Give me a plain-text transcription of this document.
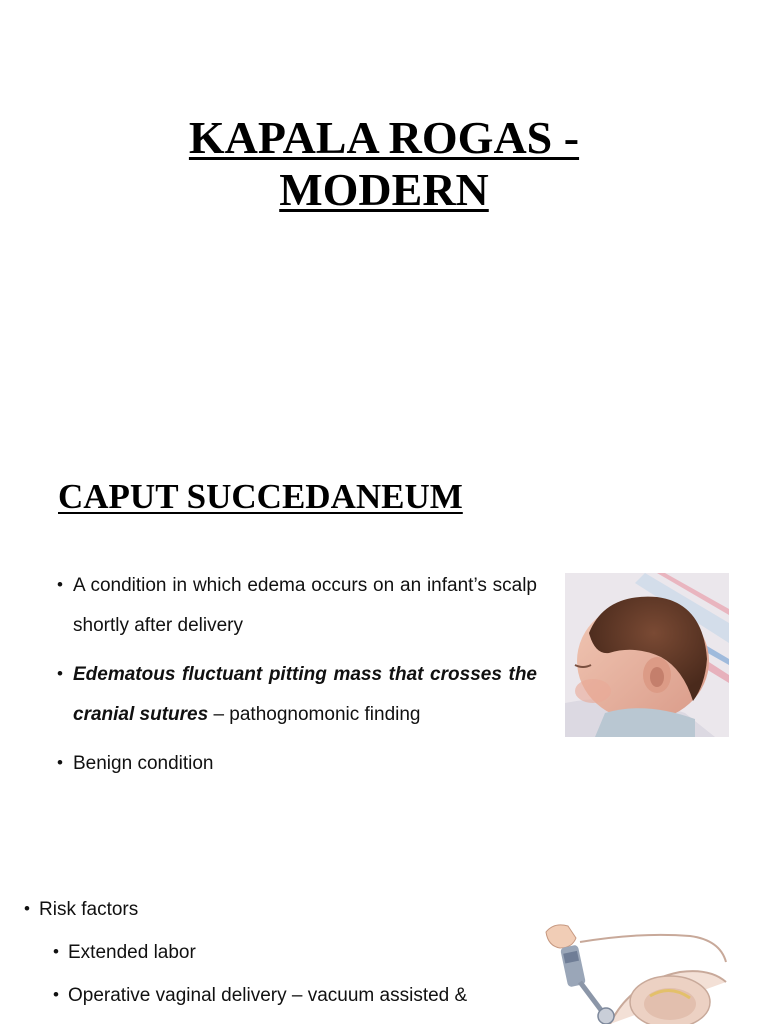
KAPALA ROGAS -
MODERN
CAPUT SUCCEDANEUM
• A condition in which edema occurs on an infant’s scalp shortly after delivery
• Edematous fluctuant pitting mass that crosses the cranial sutures – pathognomonic finding
• Benign condition
• Risk factors
• Extended labor
• Operative vaginal delivery – vacuum assisted &
